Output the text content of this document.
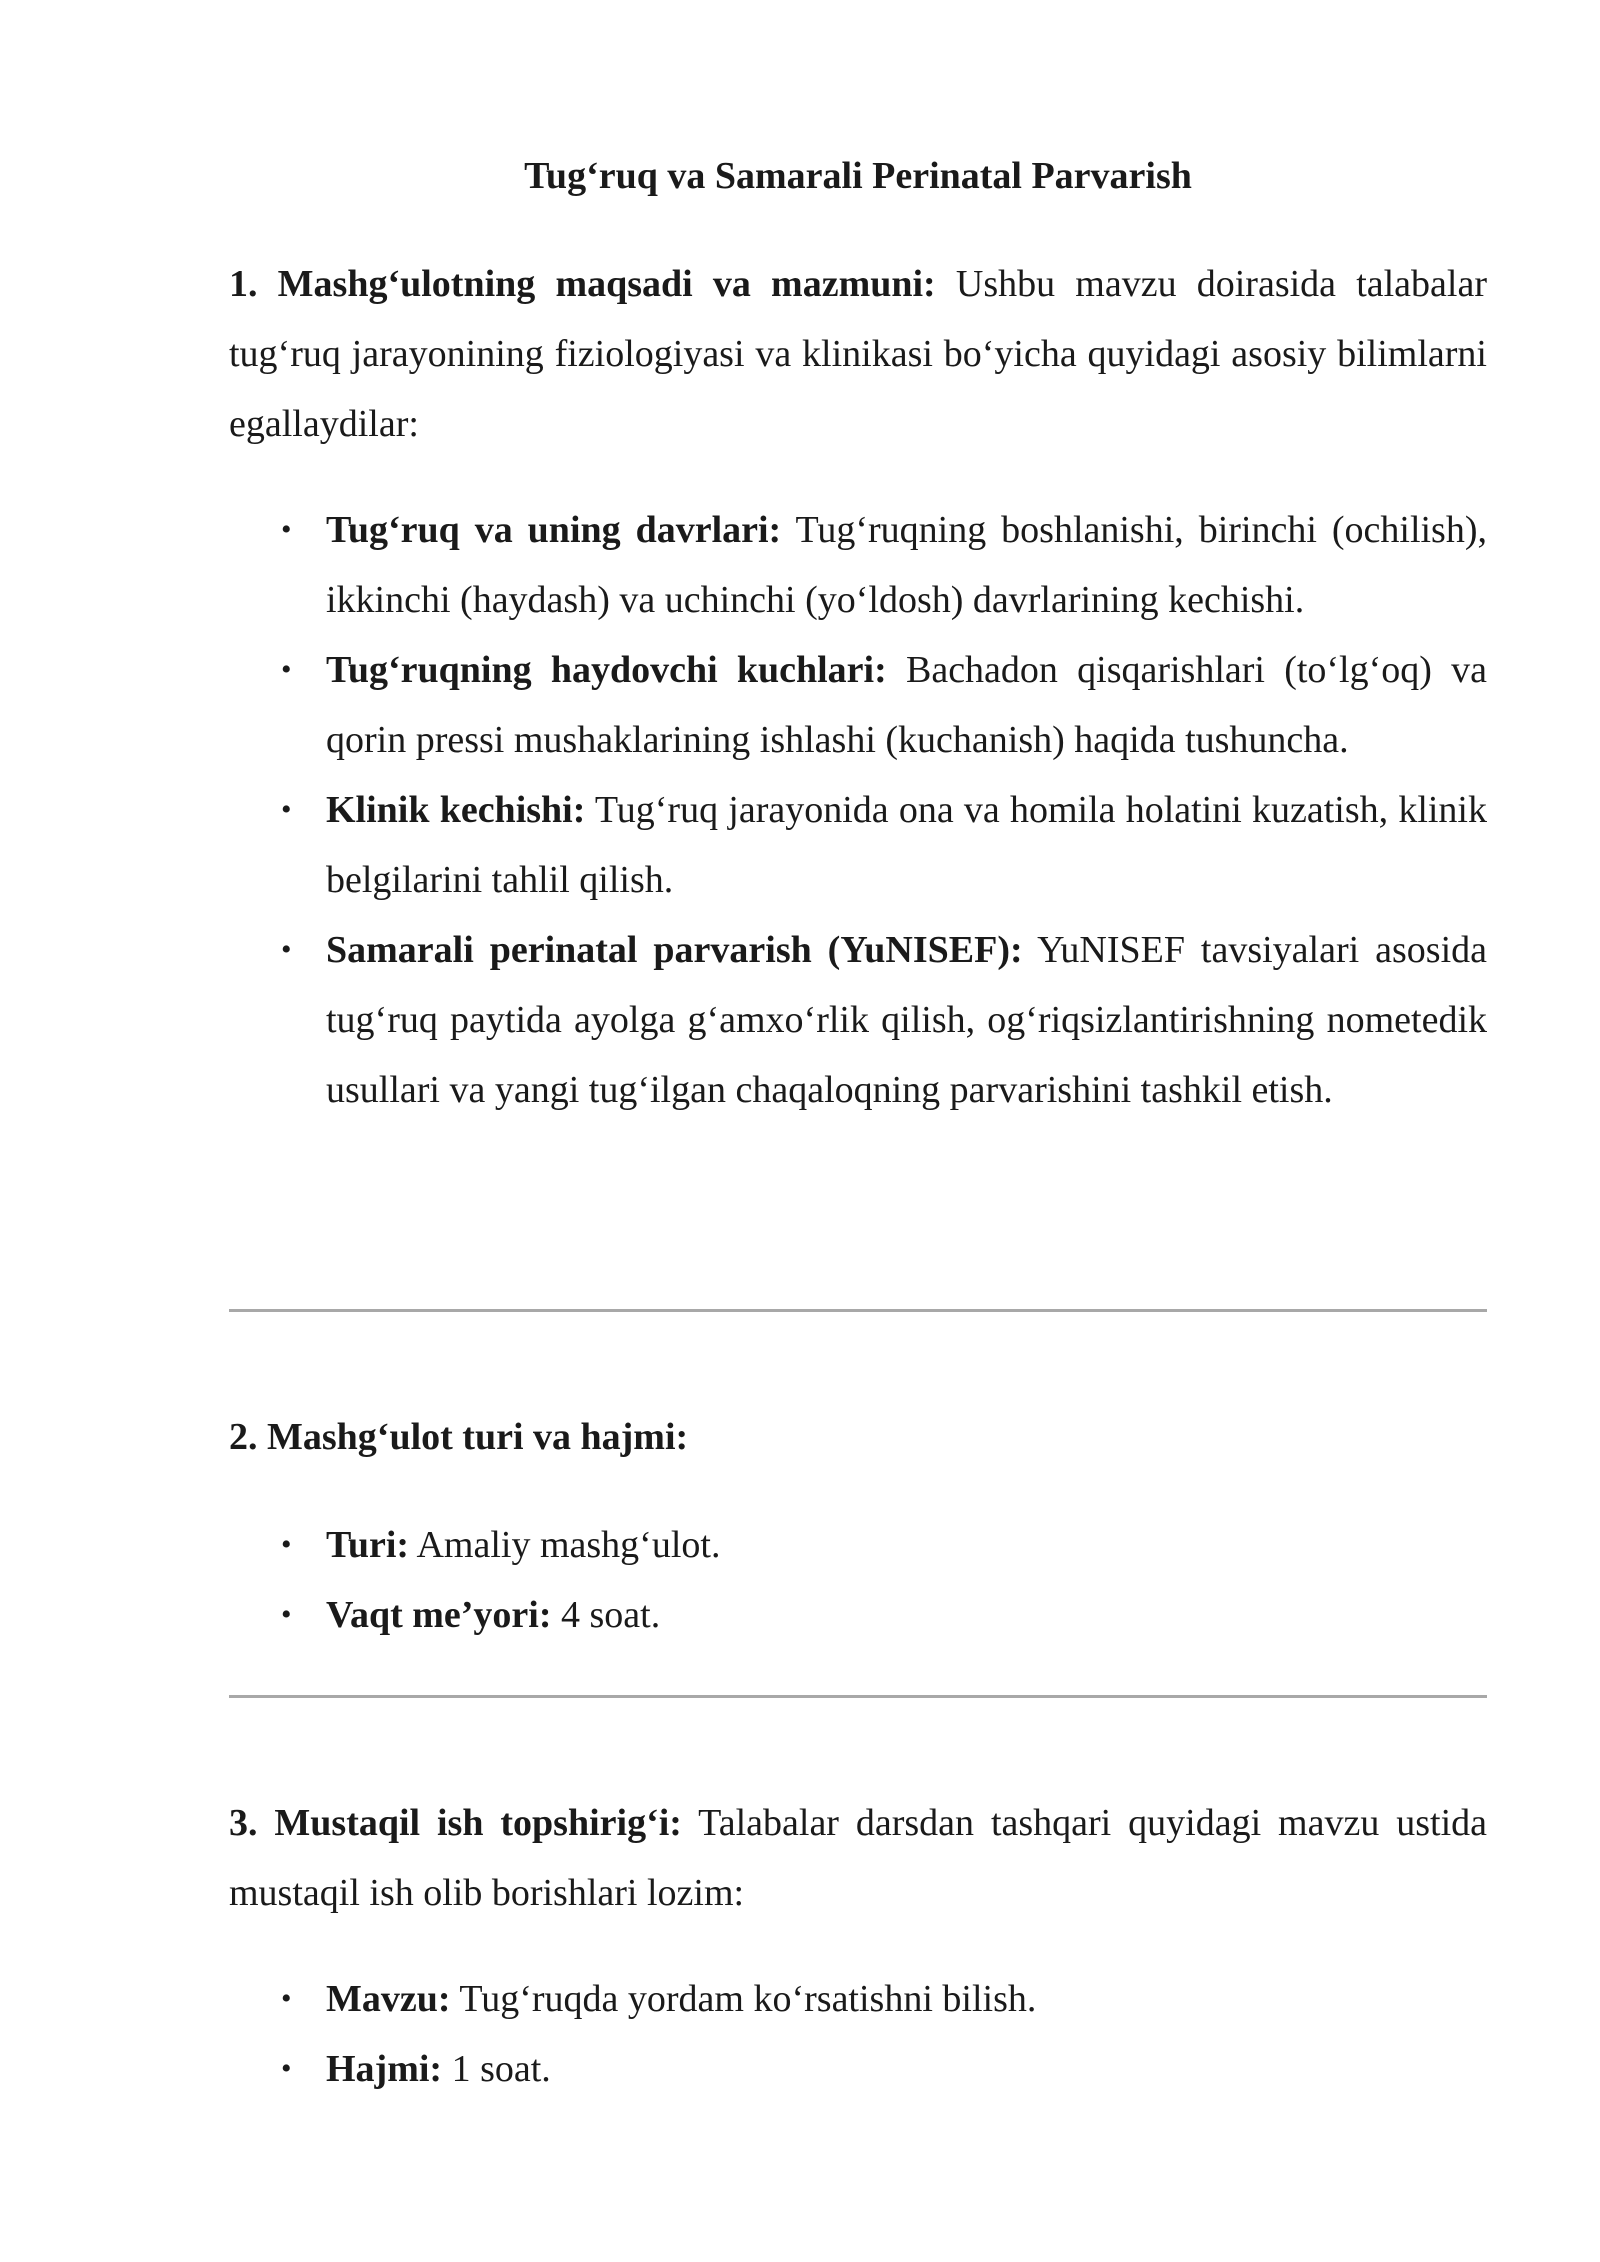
Tug‘ruq va Samarali Perinatal Parvarish

1. Mashg‘ulotning maqsadi va mazmuni: Ushbu mavzu doirasida talabalar tug‘ruq jarayonining fiziologiyasi va klinikasi bo‘yicha quyidagi asosiy bilimlarni egallaydilar:

• Tug‘ruq va uning davrlari: Tug‘ruqning boshlanishi, birinchi (ochilish), ikkinchi (haydash) va uchinchi (yo‘ldosh) davrlarining kechishi.
• Tug‘ruqning haydovchi kuchlari: Bachadon qisqarishlari (to‘lg‘oq) va qorin pressi mushaklarining ishlashi (kuchanish) haqida tushuncha.
• Klinik kechishi: Tug‘ruq jarayonida ona va homila holatini kuzatish, klinik belgilarini tahlil qilish.
• Samarali perinatal parvarish (YuNISEF): YuNISEF tavsiyalari asosida tug‘ruq paytida ayolga g‘amxo‘rlik qilish, og‘riqsizlantirishning nometedik usullari va yangi tug‘ilgan chaqaloqning parvarishini tashkil etish.

2. Mashg‘ulot turi va hajmi:

• Turi: Amaliy mashg‘ulot.
• Vaqt me’yori: 4 soat.

3. Mustaqil ish topshirig‘i: Talabalar darsdan tashqari quyidagi mavzu ustida mustaqil ish olib borishlari lozim:

• Mavzu: Tug‘ruqda yordam ko‘rsatishni bilish.
• Hajmi: 1 soat.
